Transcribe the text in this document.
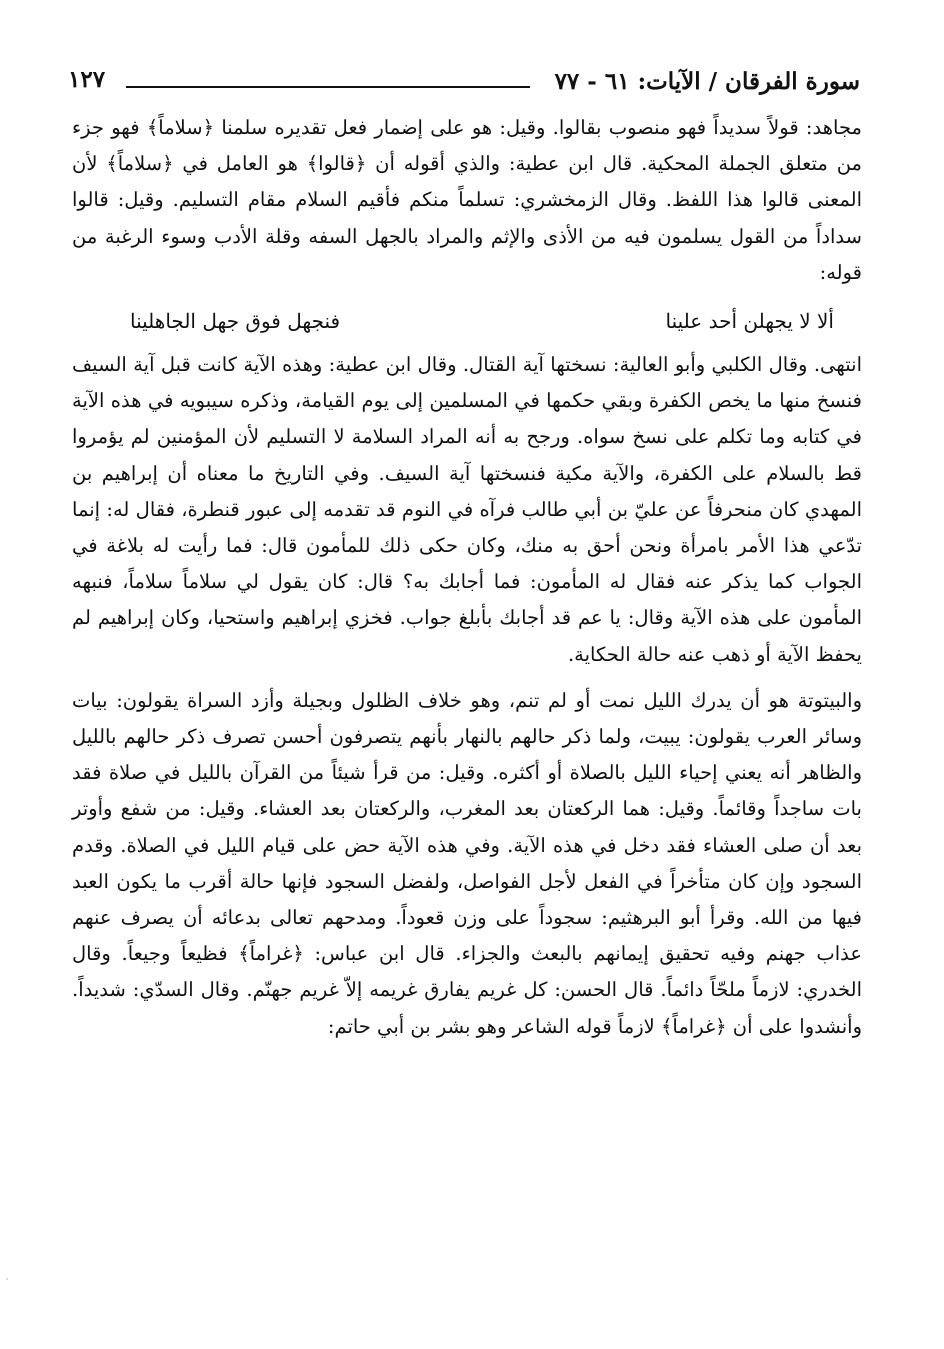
سورة الفرقان / الآيات: ٦١ - ٧٧
١٢٧

مجاهد: قولاً سديداً فهو منصوب بقالوا. وقيل: هو على إضمار فعل تقديره سلمنا ﴿سلاماً﴾ فهو جزء من متعلق الجملة المحكية. قال ابن عطية: والذي أقوله أن ﴿قالوا﴾ هو العامل في ﴿سلاماً﴾ لأن المعنى قالوا هذا اللفظ. وقال الزمخشري: تسلماً منكم فأقيم السلام مقام التسليم. وقيل: قالوا سداداً من القول يسلمون فيه من الأذى والإثم والمراد بالجهل السفه وقلة الأدب وسوء الرغبة من قوله:

ألا لا يجهلن أحد علينا
فنجهل فوق جهل الجاهلينا

انتهى. وقال الكلبي وأبو العالية: نسختها آية القتال. وقال ابن عطية: وهذه الآية كانت قبل آية السيف فنسخ منها ما يخص الكفرة وبقي حكمها في المسلمين إلى يوم القيامة، وذكره سيبويه في هذه الآية في كتابه وما تكلم على نسخ سواه. ورجح به أنه المراد السلامة لا التسليم لأن المؤمنين لم يؤمروا قط بالسلام على الكفرة، والآية مكية فنسختها آية السيف. وفي التاريخ ما معناه أن إبراهيم بن المهدي كان منحرفاً عن عليّ بن أبي طالب فرآه في النوم قد تقدمه إلى عبور قنطرة، فقال له: إنما تدّعي هذا الأمر بامرأة ونحن أحق به منك، وكان حكى ذلك للمأمون قال: فما رأيت له بلاغة في الجواب كما يذكر عنه فقال له المأمون: فما أجابك به؟ قال: كان يقول لي سلاماً سلاماً، فنبهه المأمون على هذه الآية وقال: يا عم قد أجابك بأبلغ جواب. فخزي إبراهيم واستحيا، وكان إبراهيم لم يحفظ الآية أو ذهب عنه حالة الحكاية.

والبيتوتة هو أن يدرك الليل نمت أو لم تنم، وهو خلاف الظلول وبجيلة وأزد السراة يقولون: بيات وسائر العرب يقولون: يبيت، ولما ذكر حالهم بالنهار بأنهم يتصرفون أحسن تصرف ذكر حالهم بالليل والظاهر أنه يعني إحياء الليل بالصلاة أو أكثره. وقيل: من قرأ شيئاً من القرآن بالليل في صلاة فقد بات ساجداً وقائماً. وقيل: هما الركعتان بعد المغرب، والركعتان بعد العشاء. وقيل: من شفع وأوتر بعد أن صلى العشاء فقد دخل في هذه الآية. وفي هذه الآية حض على قيام الليل في الصلاة. وقدم السجود وإن كان متأخراً في الفعل لأجل الفواصل، ولفضل السجود فإنها حالة أقرب ما يكون العبد فيها من الله. وقرأ أبو البرهثيم: سجوداً على وزن قعوداً. ومدحهم تعالى بدعائه أن يصرف عنهم عذاب جهنم وفيه تحقيق إيمانهم بالبعث والجزاء. قال ابن عباس: ﴿غراماً﴾ فظيعاً وجيعاً. وقال الخدري: لازماً ملحّاً دائماً. قال الحسن: كل غريم يفارق غريمه إلاّ غريم جهنّم. وقال السدّي: شديداً. وأنشدوا على أن ﴿غراماً﴾ لازماً قوله الشاعر وهو بشر بن أبي حاتم:
